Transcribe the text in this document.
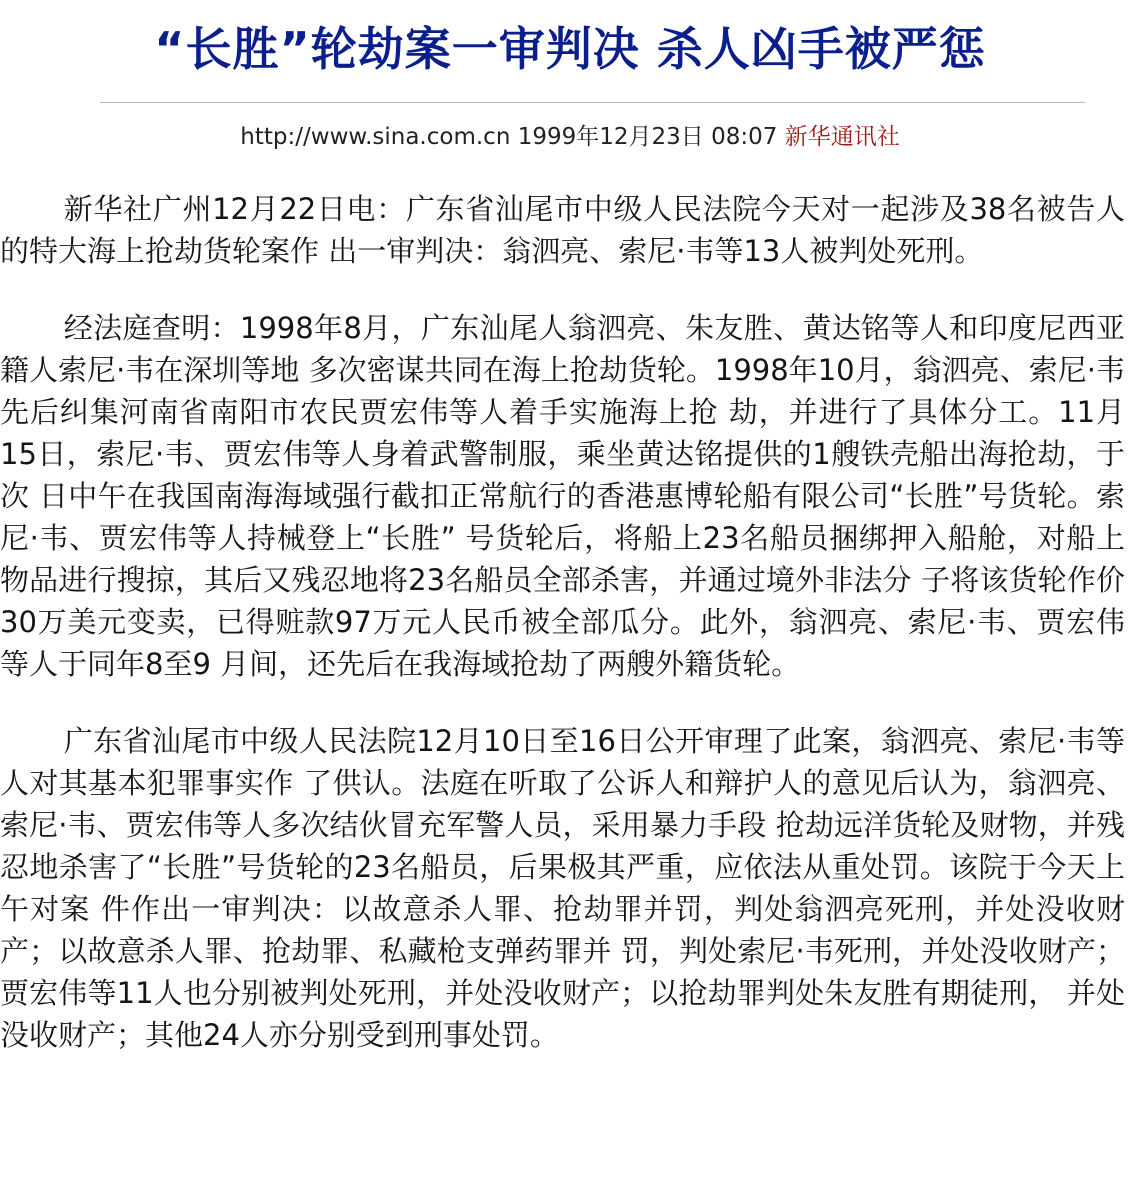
“长胜”轮劫案一审判决 杀人凶手被严惩
http://www.sina.com.cn 1999年12月23日 08:07 新华通讯社

新华社广州12月22日电：广东省汕尾市中级人民法院今天对一起涉及38名被告人的特大海上抢劫货轮案作 出一审判决：翁泗亮、索尼·韦等13人被判处死刑。

经法庭查明：1998年8月，广东汕尾人翁泗亮、朱友胜、黄达铭等人和印度尼西亚籍人索尼·韦在深圳等地 多次密谋共同在海上抢劫货轮。1998年10月，翁泗亮、索尼·韦先后纠集河南省南阳市农民贾宏伟等人着手实施海上抢 劫，并进行了具体分工。11月15日，索尼·韦、贾宏伟等人身着武警制服，乘坐黄达铭提供的1艘铁壳船出海抢劫，于次 日中午在我国南海海域强行截扣正常航行的香港惠博轮船有限公司“长胜”号货轮。索尼·韦、贾宏伟等人持械登上“长胜” 号货轮后，将船上23名船员捆绑押入船舱，对船上物品进行搜掠，其后又残忍地将23名船员全部杀害，并通过境外非法分 子将该货轮作价30万美元变卖，已得赃款97万元人民币被全部瓜分。此外，翁泗亮、索尼·韦、贾宏伟等人于同年8至9 月间，还先后在我海域抢劫了两艘外籍货轮。

广东省汕尾市中级人民法院12月10日至16日公开审理了此案，翁泗亮、索尼·韦等人对其基本犯罪事实作 了供认。法庭在听取了公诉人和辩护人的意见后认为，翁泗亮、索尼·韦、贾宏伟等人多次结伙冒充军警人员，采用暴力手段 抢劫远洋货轮及财物，并残忍地杀害了“长胜”号货轮的23名船员，后果极其严重，应依法从重处罚。该院于今天上午对案 件作出一审判决：以故意杀人罪、抢劫罪并罚，判处翁泗亮死刑，并处没收财产；以故意杀人罪、抢劫罪、私藏枪支弹药罪并 罚，判处索尼·韦死刑，并处没收财产；贾宏伟等11人也分别被判处死刑，并处没收财产；以抢劫罪判处朱友胜有期徒刑， 并处没收财产；其他24人亦分别受到刑事处罚。
